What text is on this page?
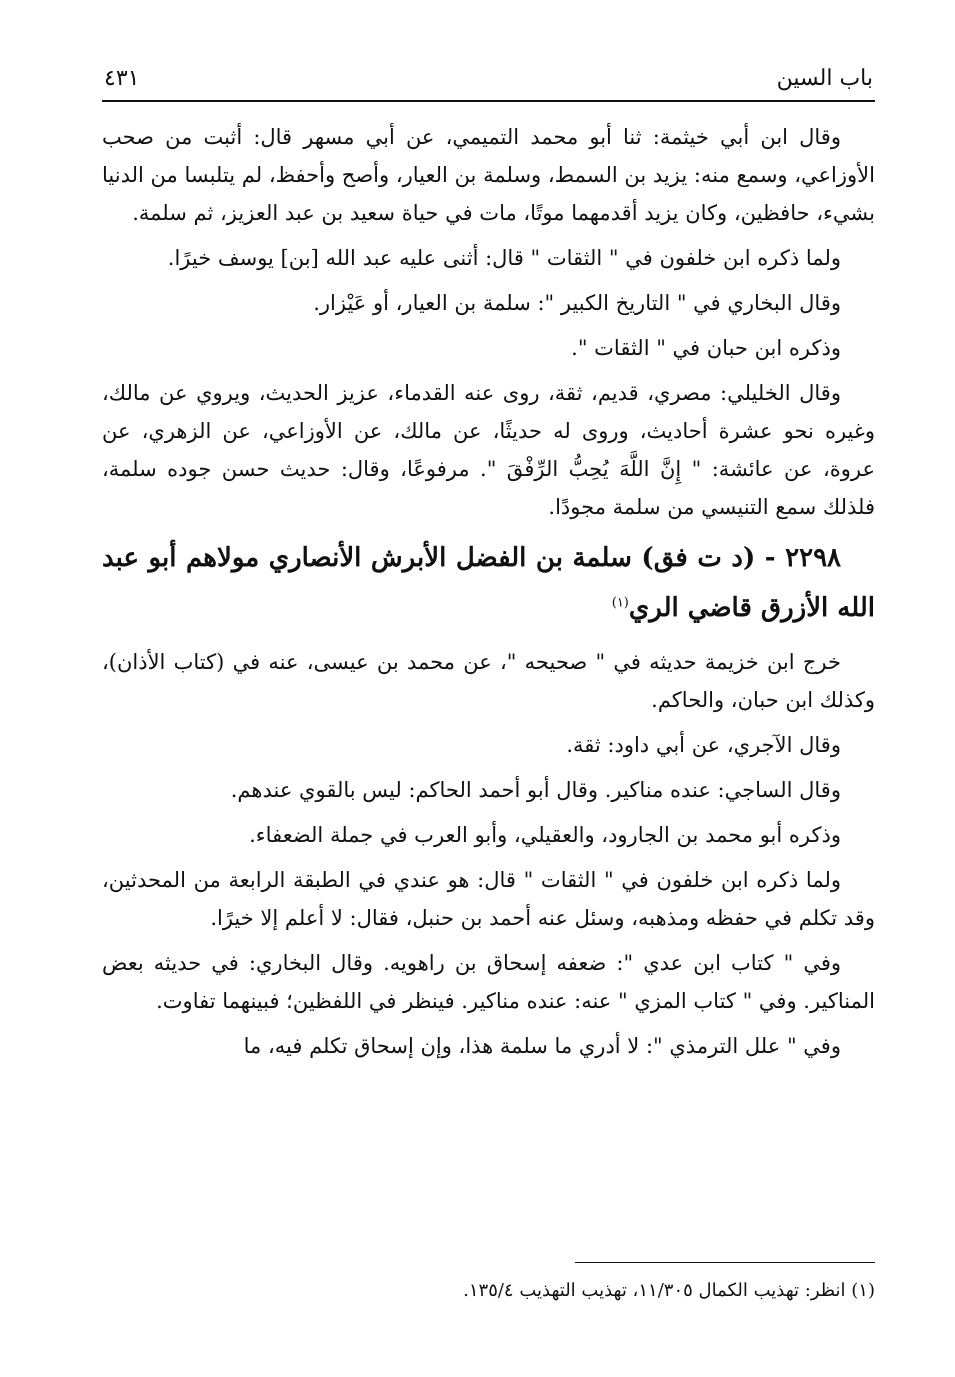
باب السين
٤٣١

وقال ابن أبي خيثمة: ثنا أبو محمد التميمي، عن أبي مسهر قال: أثبت من صحب الأوزاعي، وسمع منه: يزيد بن السمط، وسلمة بن العيار، وأصح وأحفظ، لم يتلبسا من الدنيا بشيء، حافظين، وكان يزيد أقدمهما موتًا، مات في حياة سعيد بن عبد العزيز، ثم سلمة.

ولما ذكره ابن خلفون في " الثقات " قال: أثنى عليه عبد الله [بن] يوسف خيرًا.

وقال البخاري في " التاريخ الكبير ": سلمة بن العيار، أو عَيْزار.

وذكره ابن حبان في " الثقات ".

وقال الخليلي: مصري، قديم، ثقة، روى عنه القدماء، عزيز الحديث، ويروي عن مالك، وغيره نحو عشرة أحاديث، وروى له حديثًا، عن مالك، عن الأوزاعي، عن الزهري، عن عروة، عن عائشة: " إِنَّ اللَّهَ يُحِبُّ الرِّفْقَ ". مرفوعًا، وقال: حديث حسن جوده سلمة، فلذلك سمع التنيسي من سلمة مجودًا.

٢٢٩٨ - (د ت فق) سلمة بن الفضل الأبرش الأنصاري مولاهم أبو عبد الله الأزرق قاضي الري$^{(١)}$

خرج ابن خزيمة حديثه في " صحيحه "، عن محمد بن عيسى، عنه في (كتاب الأذان)، وكذلك ابن حبان، والحاكم.

وقال الآجري، عن أبي داود: ثقة.

وقال الساجي: عنده مناكير. وقال أبو أحمد الحاكم: ليس بالقوي عندهم.

وذكره أبو محمد بن الجارود، والعقيلي، وأبو العرب في جملة الضعفاء.

ولما ذكره ابن خلفون في " الثقات " قال: هو عندي في الطبقة الرابعة من المحدثين، وقد تكلم في حفظه ومذهبه، وسئل عنه أحمد بن حنبل، فقال: لا أعلم إلا خيرًا.

وفي " كتاب ابن عدي ": ضعفه إسحاق بن راهويه. وقال البخاري: في حديثه بعض المناكير. وفي " كتاب المزي " عنه: عنده مناكير. فينظر في اللفظين؛ فبينهما تفاوت.

وفي " علل الترمذي ": لا أدري ما سلمة هذا، وإن إسحاق تكلم فيه، ما

(١) انظر: تهذيب الكمال ١١/٣٠٥، تهذيب التهذيب ١٣٥/٤.
